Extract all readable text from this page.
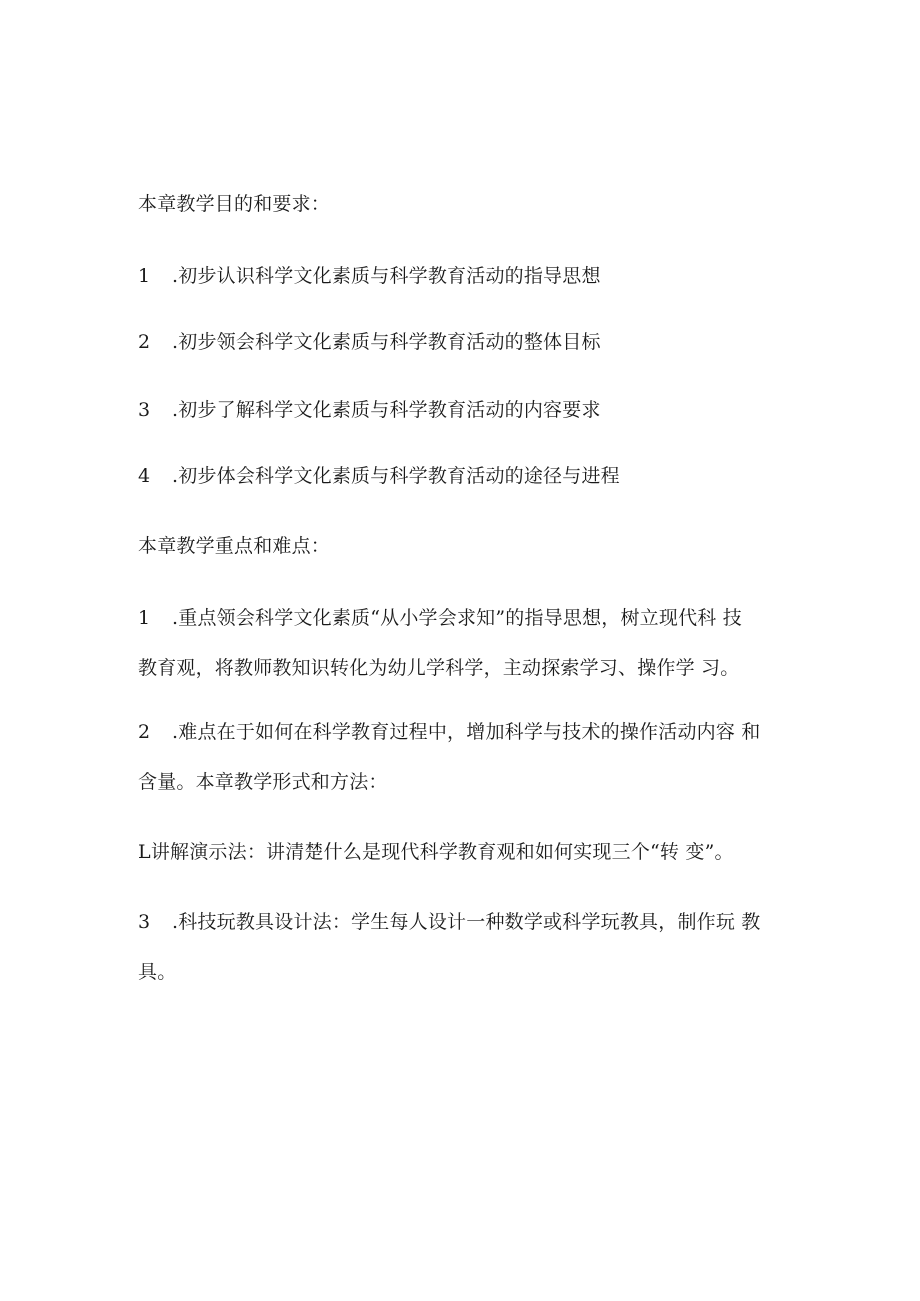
本章教学目的和要求：
1 .初步认识科学文化素质与科学教育活动的指导思想
2 .初步领会科学文化素质与科学教育活动的整体目标
3 .初步了解科学文化素质与科学教育活动的内容要求
4 .初步体会科学文化素质与科学教育活动的途径与进程
本章教学重点和难点：
1 .重点领会科学文化素质“从小学会求知”的指导思想，树立现代科 技
教育观，将教师教知识转化为幼儿学科学，主动探索学习、操作学 习。
2 .难点在于如何在科学教育过程中，增加科学与技术的操作活动内容 和
含量。本章教学形式和方法：
L讲解演示法：讲清楚什么是现代科学教育观和如何实现三个“转 变”。
3 .科技玩教具设计法：学生每人设计一种数学或科学玩教具，制作玩 教
具。
